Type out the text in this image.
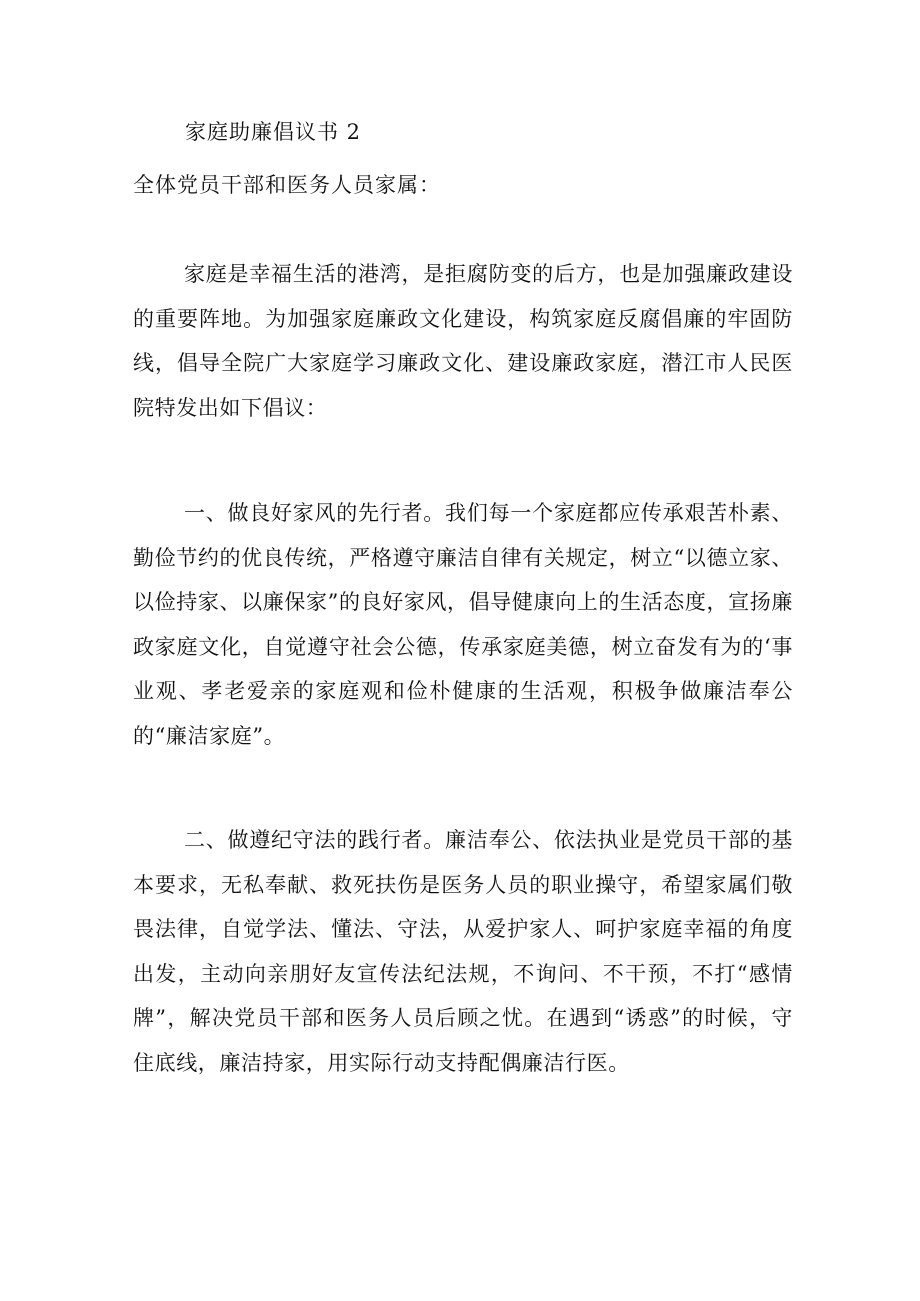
家庭助廉倡议书 2
全体党员干部和医务人员家属：

家庭是幸福生活的港湾，是拒腐防变的后方，也是加强廉政建设的重要阵地。为加强家庭廉政文化建设，构筑家庭反腐倡廉的牢固防线，倡导全院广大家庭学习廉政文化、建设廉政家庭，潜江市人民医院特发出如下倡议：

一、做良好家风的先行者。我们每一个家庭都应传承艰苦朴素、勤俭节约的优良传统，严格遵守廉洁自律有关规定，树立“以德立家、以俭持家、以廉保家”的良好家风，倡导健康向上的生活态度，宣扬廉政家庭文化，自觉遵守社会公德，传承家庭美德，树立奋发有为的‘事业观、孝老爱亲的家庭观和俭朴健康的生活观，积极争做廉洁奉公的“廉洁家庭”。

二、做遵纪守法的践行者。廉洁奉公、依法执业是党员干部的基本要求，无私奉献、救死扶伤是医务人员的职业操守，希望家属们敬畏法律，自觉学法、懂法、守法，从爱护家人、呵护家庭幸福的角度出发，主动向亲朋好友宣传法纪法规，不询问、不干预，不打“感情牌”，解决党员干部和医务人员后顾之忧。在遇到“诱惑”的时候，守住底线，廉洁持家，用实际行动支持配偶廉洁行医。
